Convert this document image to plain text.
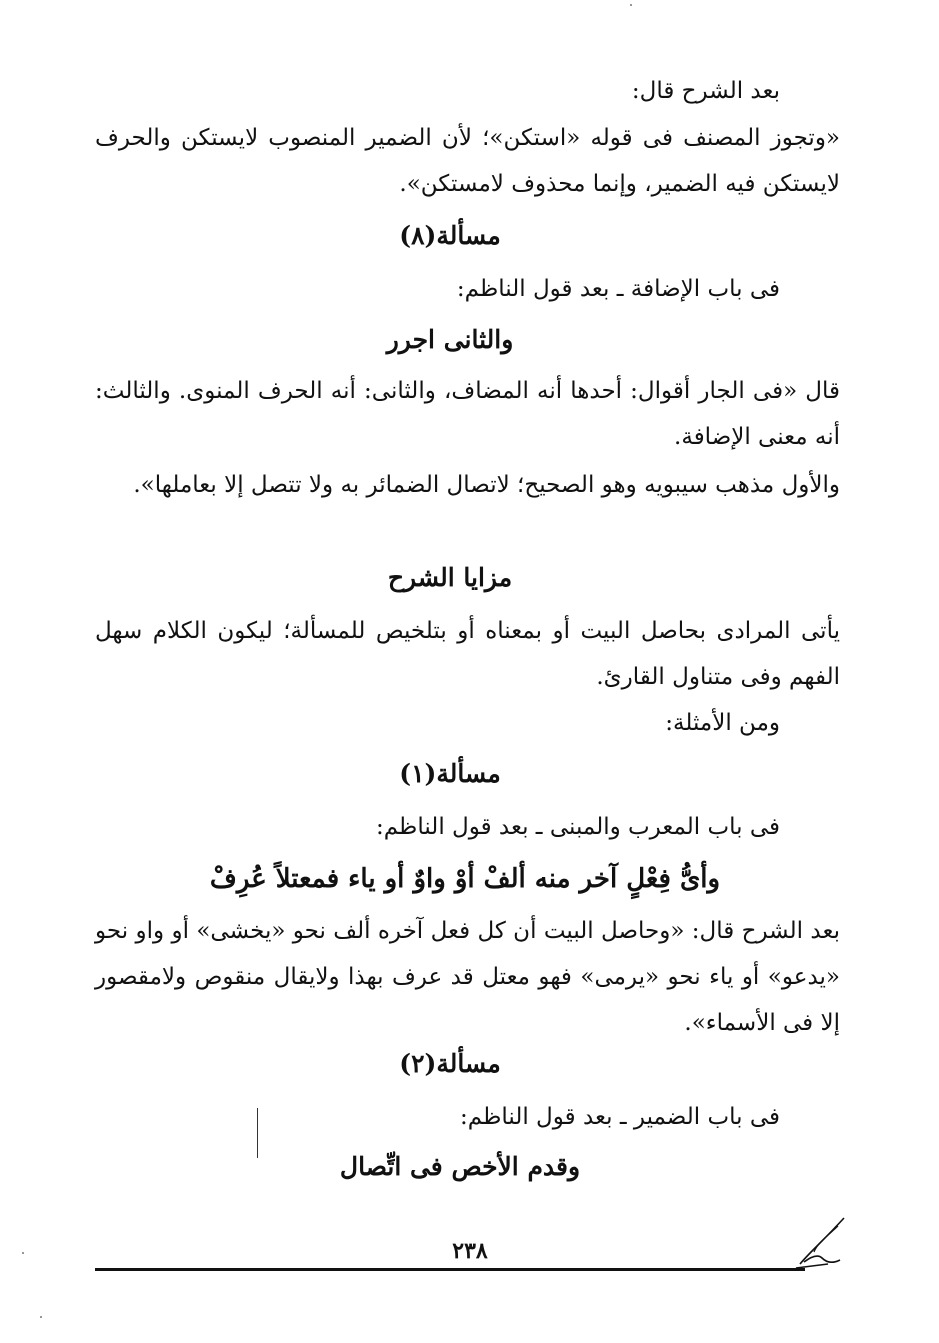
بعد الشرح قال:
«وتجوز المصنف فى قوله «استكن»؛ لأن الضمير المنصوب لايستكن والحرف لايستكن فيه الضمير، وإنما محذوف لامستكن».
مسألة(٨)
فى باب الإضافة ـ بعد قول الناظم:
والثانى اجرر
قال «فى الجار أقوال: أحدها أنه المضاف، والثانى: أنه الحرف المنوى. والثالث: أنه معنى الإضافة.
والأول مذهب سيبويه وهو الصحيح؛ لاتصال الضمائر به ولا تتصل إلا بعاملها».
مزايا الشرح
يأتى المرادى بحاصل البيت أو بمعناه أو بتلخيص للمسألة؛ ليكون الكلام سهل الفهم وفى متناول القارئ.
ومن الأمثلة:
مسألة(١)
فى باب المعرب والمبنى ـ بعد قول الناظم:
وأىُّ فِعْلٍ آخر منه ألفْ أوْ واوٌ أو ياء فمعتلاً عُرِفْ
بعد الشرح قال: «وحاصل البيت أن كل فعل آخره ألف نحو «يخشى» أو واو نحو «يدعو» أو ياء نحو «يرمى» فهو معتل قد عرف بهذا ولايقال منقوص ولامقصور إلا فى الأسماء».
مسألة(٢)
فى باب الضمير ـ بعد قول الناظم:
وقدم الأخص فى اتِّصال
٢٣٨
